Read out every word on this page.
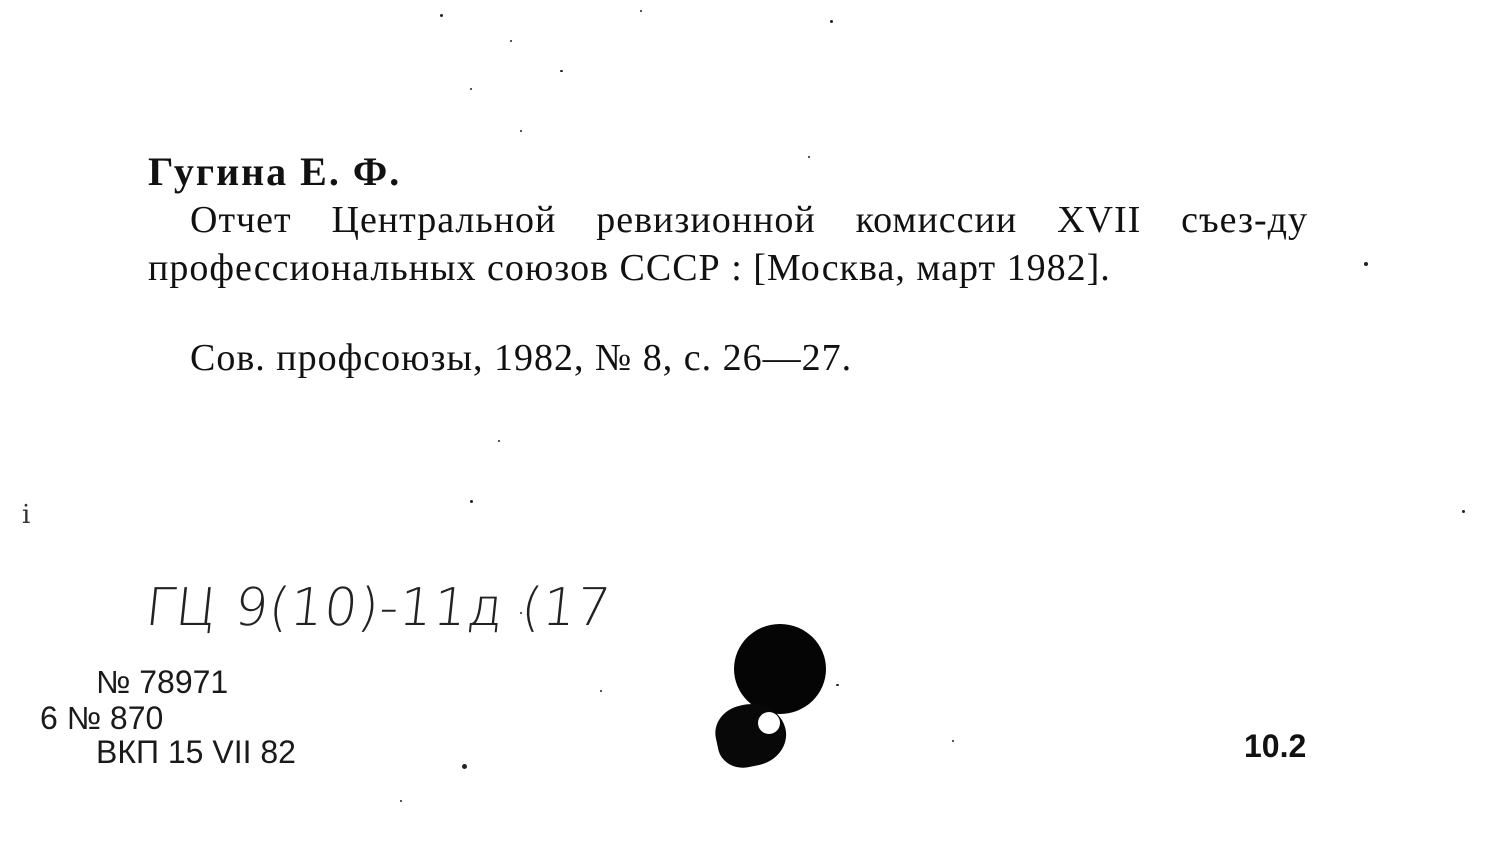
ⅰ
Гугина Е. Ф.
Отчет Центральной ревизионной комиссии XVII съез-ду профессиональных союзов СССР : [Москва, март 1982].
Сов. профсоюзы, 1982, № 8, с. 26—27.
ГЦ 9(10)-11д (17
№ 78971
6 № 870
ВКП 15 VII 82	10.2
